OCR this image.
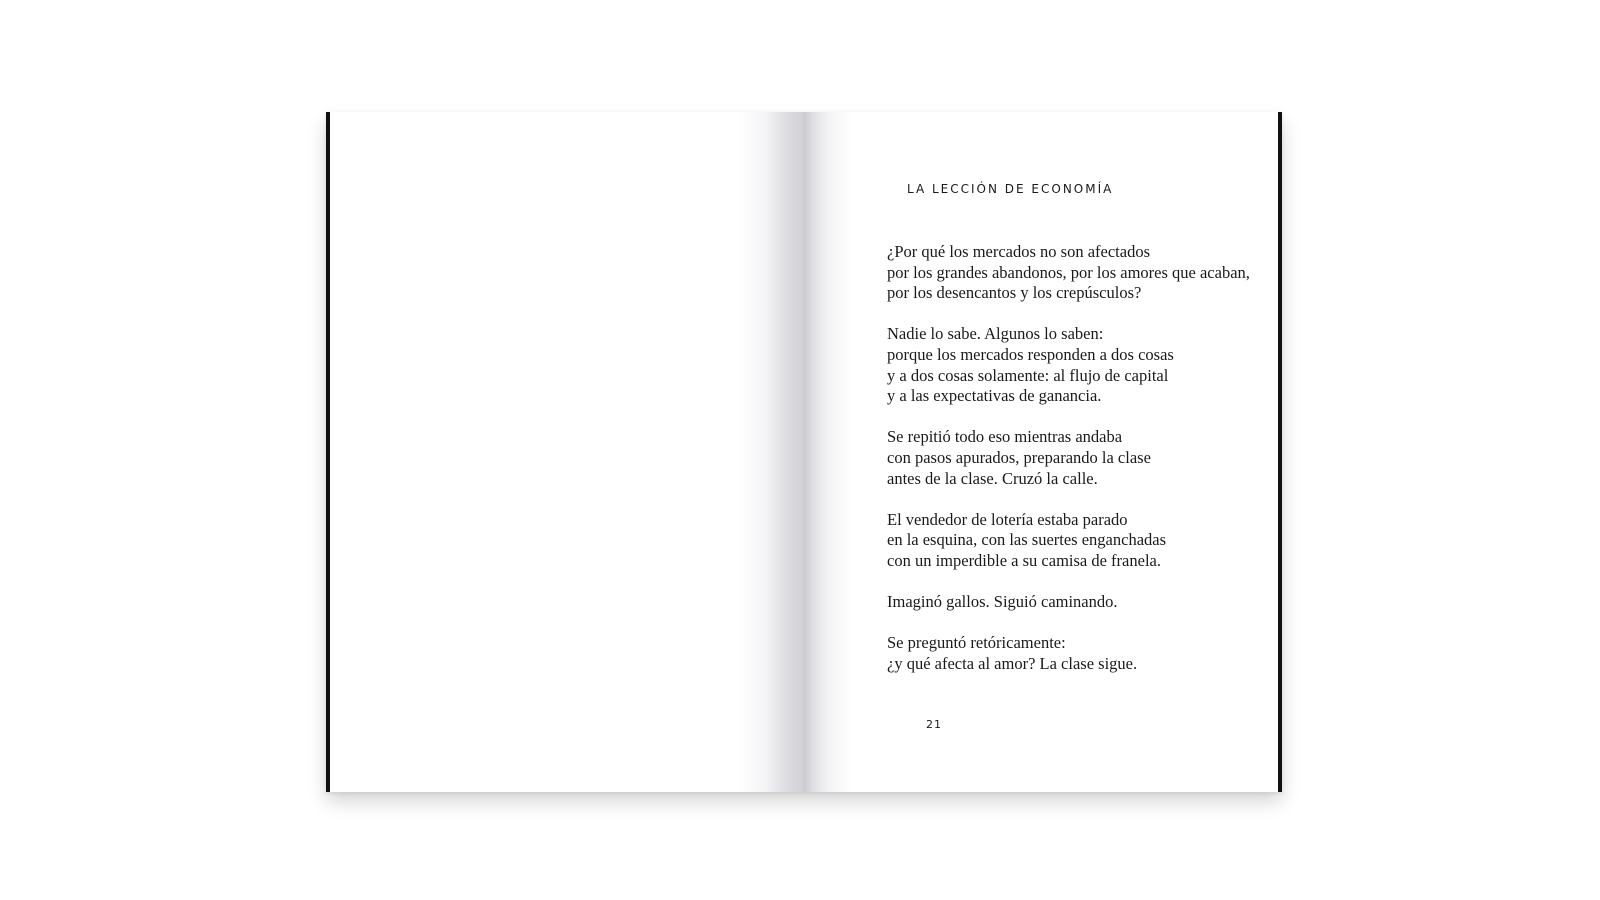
LA LECCIÓN DE ECONOMÍA
¿Por qué los mercados no son afectados
por los grandes abandonos, por los amores que acaban,
por los desencantos y los crepúsculos?
Nadie lo sabe. Algunos lo saben:
porque los mercados responden a dos cosas
y a dos cosas solamente: al flujo de capital
y a las expectativas de ganancia.
Se repitió todo eso mientras andaba
con pasos apurados, preparando la clase
antes de la clase. Cruzó la calle.
El vendedor de lotería estaba parado
en la esquina, con las suertes enganchadas
con un imperdible a su camisa de franela.
Imaginó gallos. Siguió caminando.
Se preguntó retóricamente:
¿y qué afecta al amor? La clase sigue.
21
